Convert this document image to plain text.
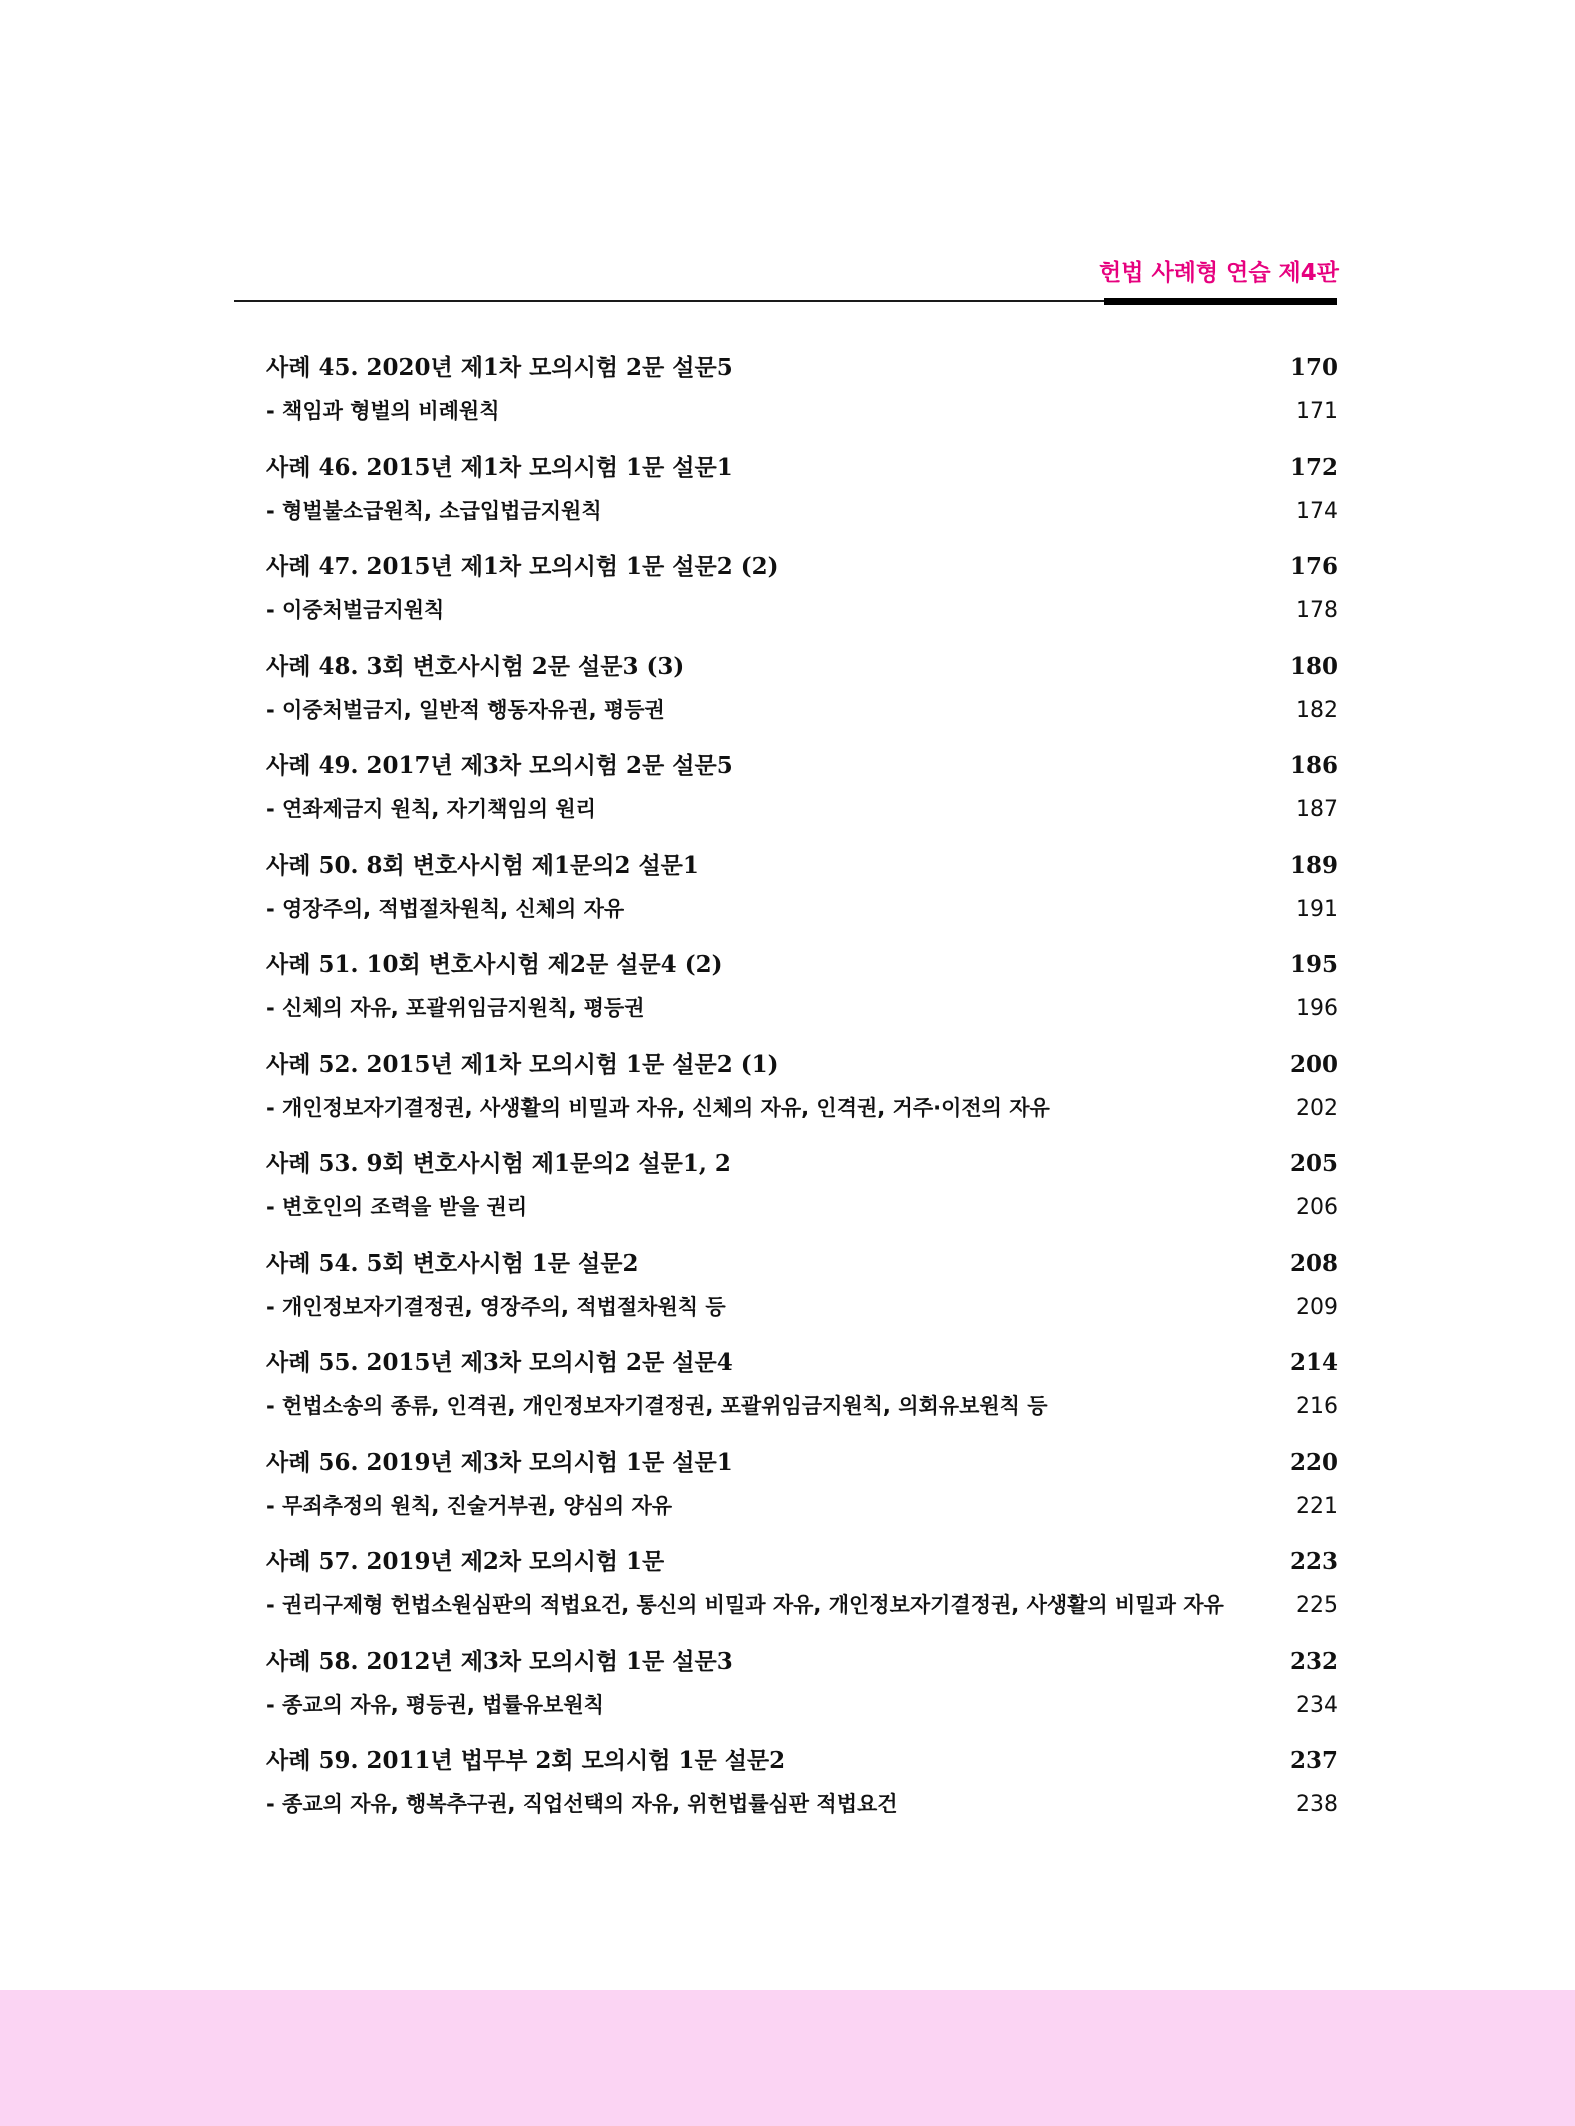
헌법 사례형 연습 제4판
사례 45. 2020년 제1차 모의시험 2문 설문5	170
- 책임과 형벌의 비례원칙	171
사례 46. 2015년 제1차 모의시험 1문 설문1	172
- 형벌불소급원칙, 소급입법금지원칙	174
사례 47. 2015년 제1차 모의시험 1문 설문2 (2)	176
- 이중처벌금지원칙	178
사례 48. 3회 변호사시험 2문 설문3 (3)	180
- 이중처벌금지, 일반적 행동자유권, 평등권	182
사례 49. 2017년 제3차 모의시험 2문 설문5	186
- 연좌제금지 원칙, 자기책임의 원리	187
사례 50. 8회 변호사시험 제1문의2 설문1	189
- 영장주의, 적법절차원칙, 신체의 자유	191
사례 51. 10회 변호사시험 제2문 설문4 (2)	195
- 신체의 자유, 포괄위임금지원칙, 평등권	196
사례 52. 2015년 제1차 모의시험 1문 설문2 (1)	200
- 개인정보자기결정권, 사생활의 비밀과 자유, 신체의 자유, 인격권, 거주·이전의 자유	202
사례 53. 9회 변호사시험 제1문의2 설문1, 2	205
- 변호인의 조력을 받을 권리	206
사례 54. 5회 변호사시험 1문 설문2	208
- 개인정보자기결정권, 영장주의, 적법절차원칙 등	209
사례 55. 2015년 제3차 모의시험 2문 설문4	214
- 헌법소송의 종류, 인격권, 개인정보자기결정권, 포괄위임금지원칙, 의회유보원칙 등	216
사례 56. 2019년 제3차 모의시험 1문 설문1	220
- 무죄추정의 원칙, 진술거부권, 양심의 자유	221
사례 57. 2019년 제2차 모의시험 1문	223
- 권리구제형 헌법소원심판의 적법요건, 통신의 비밀과 자유, 개인정보자기결정권, 사생활의 비밀과 자유	225
사례 58. 2012년 제3차 모의시험 1문 설문3	232
- 종교의 자유, 평등권, 법률유보원칙	234
사례 59. 2011년 법무부 2회 모의시험 1문 설문2	237
- 종교의 자유, 행복추구권, 직업선택의 자유, 위헌법률심판 적법요건	238
